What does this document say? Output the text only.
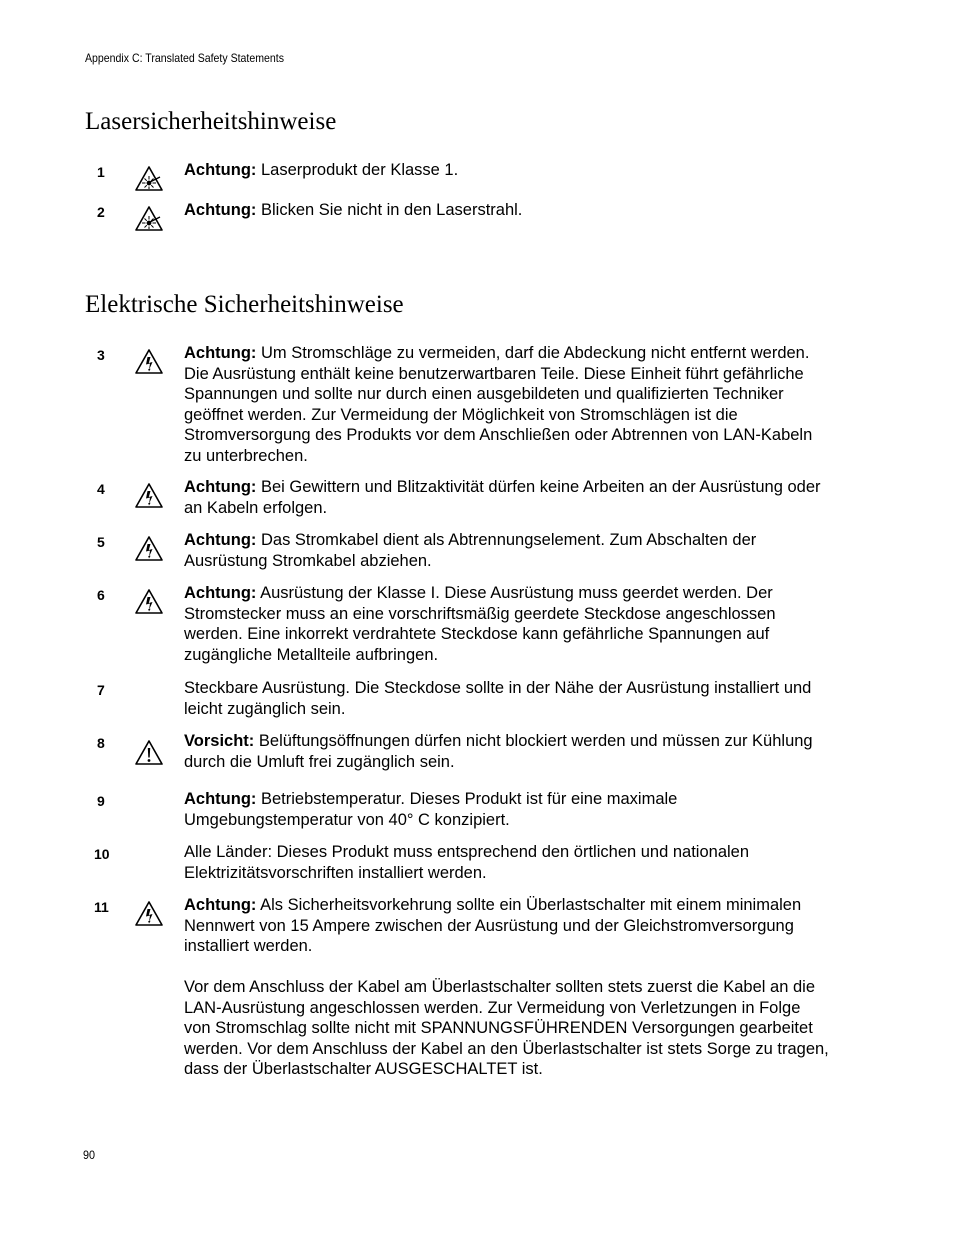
Appendix C: Translated Safety Statements
Lasersicherheitshinweise
1	Achtung: Laserprodukt der Klasse 1.

2	Achtung: Blicken Sie nicht in den Laserstrahl.

Elektrische Sicherheitshinweise
3	Achtung: Um Stromschläge zu vermeiden, darf die Abdeckung nicht entfernt werden. Die Ausrüstung enthält keine benutzerwartbaren Teile. Diese Einheit führt gefährliche Spannungen und sollte nur durch einen ausgebildeten und qualifizierten Techniker geöffnet werden. Zur Vermeidung der Möglichkeit von Stromschlägen ist die Stromversorgung des Produkts vor dem Anschließen oder Abtrennen von LAN-Kabeln zu unterbrechen.

4	Achtung: Bei Gewittern und Blitzaktivität dürfen keine Arbeiten an der Ausrüstung oder an Kabeln erfolgen.

5	Achtung: Das Stromkabel dient als Abtrennungselement. Zum Abschalten der Ausrüstung Stromkabel abziehen.

6	Achtung: Ausrüstung der Klasse I. Diese Ausrüstung muss geerdet werden. Der Stromstecker muss an eine vorschriftsmäßig geerdete Steckdose angeschlossen werden. Eine inkorrekt verdrahtete Steckdose kann gefährliche Spannungen auf zugängliche Metallteile aufbringen.

7	Steckbare Ausrüstung. Die Steckdose sollte in der Nähe der Ausrüstung installiert und leicht zugänglich sein.

8	Vorsicht: Belüftungsöffnungen dürfen nicht blockiert werden und müssen zur Kühlung durch die Umluft frei zugänglich sein.

9	Achtung: Betriebstemperatur. Dieses Produkt ist für eine maximale Umgebungstemperatur von 40° C konzipiert.

10	Alle Länder: Dieses Produkt muss entsprechend den örtlichen und nationalen Elektrizitätsvorschriften installiert werden.

11	Achtung: Als Sicherheitsvorkehrung sollte ein Überlastschalter mit einem minimalen Nennwert von 15 Ampere zwischen der Ausrüstung und der Gleichstromversorgung installiert werden.

Vor dem Anschluss der Kabel am Überlastschalter sollten stets zuerst die Kabel an die LAN-Ausrüstung angeschlossen werden. Zur Vermeidung von Verletzungen in Folge von Stromschlag sollte nicht mit SPANNUNGSFÜHRENDEN Versorgungen gearbeitet werden. Vor dem Anschluss der Kabel an den Überlastschalter ist stets Sorge zu tragen, dass der Überlastschalter AUSGESCHALTET ist.

90
